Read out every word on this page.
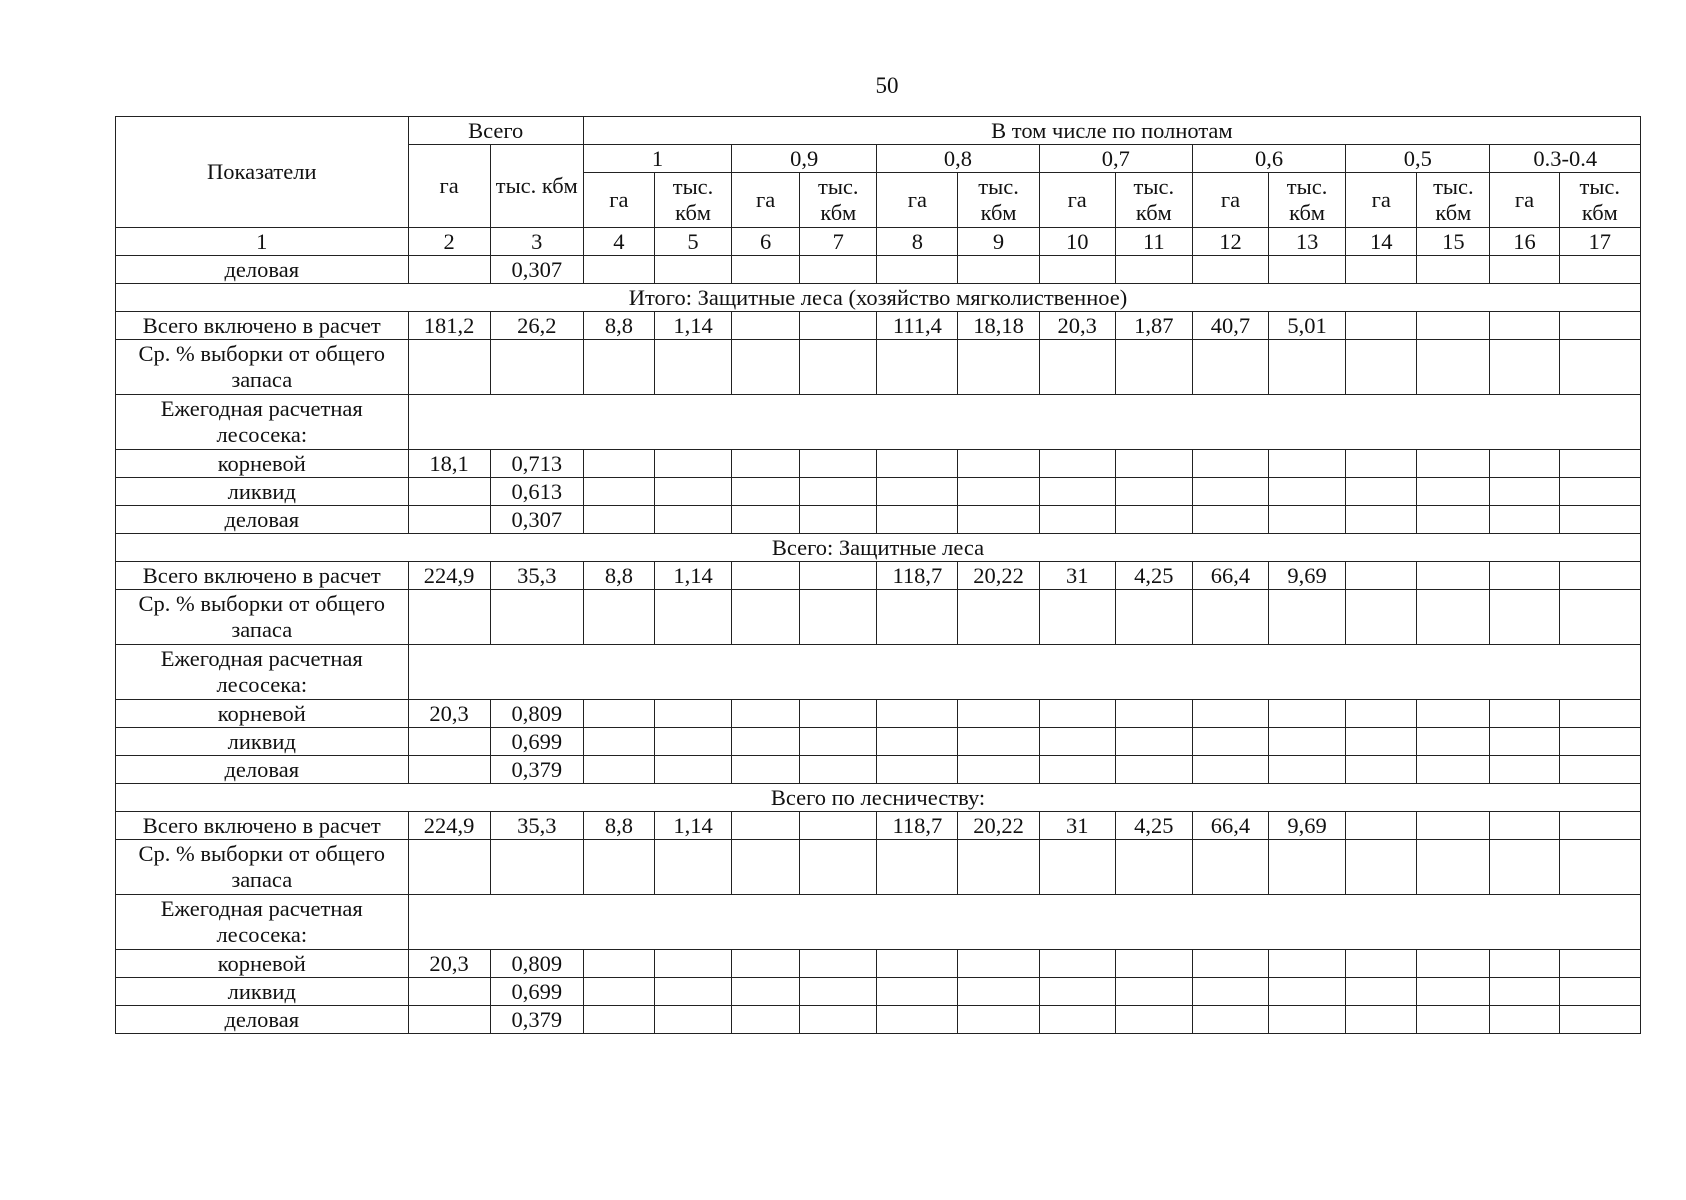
50
Показатели	Всего		В том числе по полнотам													
	га	тыс. кбм	1		0,9		0,8		0,7		0,6		0,5		0.3-0.4	
			га	тыс. кбм	га	тыс. кбм	га	тыс. кбм	га	тыс. кбм	га	тыс. кбм	га	тыс. кбм	га	тыс. кбм
1	2	3	4	5	6	7	8	9	10	11	12	13	14	15	16	17
деловая		0,307														
Итого: Защитные леса (хозяйство мягколиственное)																
Всего включено в расчет	181,2	26,2	8,8	1,14			111,4	18,18	20,3	1,87	40,7	5,01				
Ср. % выборки от общего запаса																
Ежегодная расчетная лесосека:																
корневой	18,1	0,713														
ликвид		0,613														
деловая		0,307														
Всего: Защитные леса																
Всего включено в расчет	224,9	35,3	8,8	1,14			118,7	20,22	31	4,25	66,4	9,69				
Ср. % выборки от общего запаса																
Ежегодная расчетная лесосека:																
корневой	20,3	0,809														
ликвид		0,699														
деловая		0,379														
Всего по лесничеству:																
Всего включено в расчет	224,9	35,3	8,8	1,14			118,7	20,22	31	4,25	66,4	9,69				
Ср. % выборки от общего запаса																
Ежегодная расчетная лесосека:																
корневой	20,3	0,809														
ликвид		0,699														
деловая		0,379														
